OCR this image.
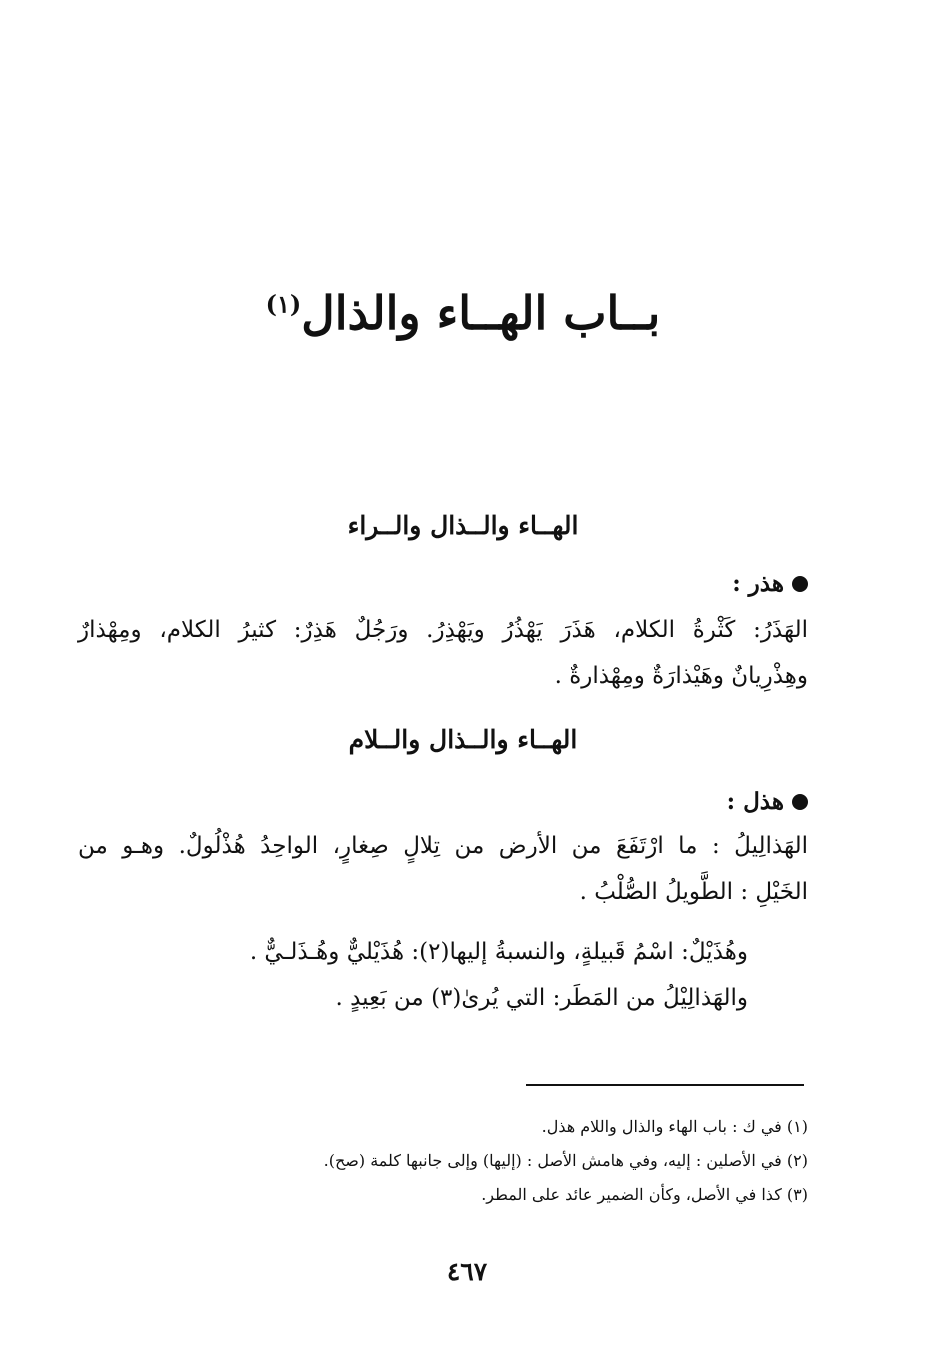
بــاب الهــاء والذال$^{(١)}$
الهــاء والــذال والــراء
هذر :
الهَذَرُ: كَثْرةُ الكلام، هَذَرَ يَهْذُرُ ويَهْذِرُ. ورَجُلٌ هَذِرٌ: كثيرُ الكلام، ومِهْذارٌ
وهِذْرِيانٌ وهَيْذارَةٌ ومِهْذارةٌ .
الهــاء والــذال والــلام
هذل :
الهَذالِيلُ : ما ارْتَفَعَ من الأرض من تِلالٍ صِغارٍ، الواحِدُ هُذْلُولٌ. وهـو من
الخَيْلِ : الطَّويلُ الصُّلْبُ .
وهُذَيْلٌ: اسْمُ قَبيلةٍ، والنسبةُ إليها(٢): هُذَيْليٌّ وهُـذَلـيٌّ .
والهَذالِيْلُ من المَطَر: التي يُرىٰ(٣) من بَعِيدٍ .
(١) في ك : باب الهاء والذال واللام هذل.
(٢) في الأصلين : إليه، وفي هامش الأصل : (إليها) وإلى جانبها كلمة (صح).
(٣) كذا في الأصل، وكأن الضمير عائد على المطر.
٤٦٧
